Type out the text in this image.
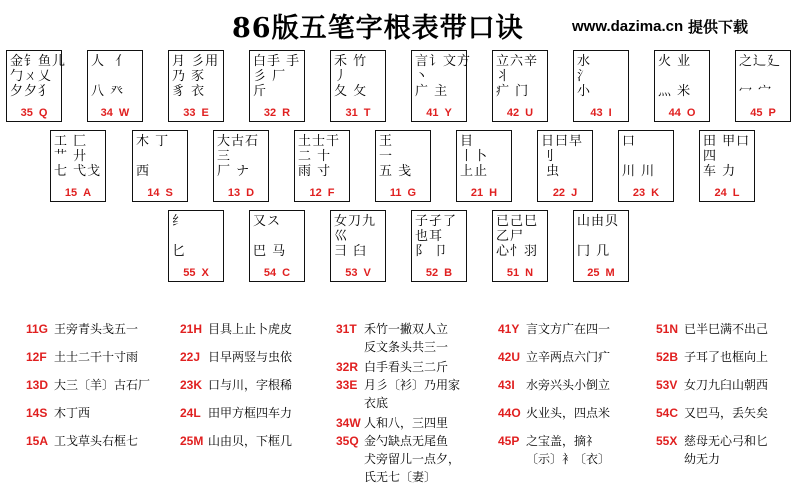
86版五笔字根表带口诀	www.dazima.cn 提供下载
金钅鱼儿
勹ㄨ乂
夕夕犭
35 Q
人  亻

八 癶
34 W
月 彡用
乃 豕
豸 衣
33 E
白手 手
彡 厂
斤
32 R
禾 竹
丿
夂 攵
31 T
言讠文方
丶
广 主
41 Y
立六辛
丬
疒 门
42 U
水
氵
小
43 I
火 业

灬 米
44 O
之辶廴

冖 宀
45 P
工 匚
艹 廾
七 弋戈
15 A
木 丁

西
14 S
大古石
三
厂 ナ
13 D
土士干
二 十
雨 寸
12 F
王
一
五 戋
11 G
目
丨卜
上止
21 H
日曰早
刂
虫
22 J
口

川 川
23 K
田 甲口
四
车 力
24 L
纟

匕
55 X
又ス

巴 马
54 C
女刀九
巛
彐 臼
53 V
子孑了
也耳
阝 卩
52 B
已己巳
乙尸
心忄羽
51 N
山由贝

冂 几
25 M
11G 王旁青头戋五一
12F 土士二干十寸雨
13D 大三〔羊〕古石厂
14S 木丁西
15A 工戈草头右框七
21H 目具上止卜虎皮
22J 日早两竖与虫依
23K 口与川，字根稀
24L 田甲方框四车力
25M 山由贝，下框几
31T 禾竹一撇双人立
反文条头共三一
32R 白手看头三二斤
33E 月彡〔衫〕乃用家
衣底
34W 人和八，三四里
35Q 金勺缺点无尾鱼
犬旁留儿一点夕，
氏无七〔妻〕
41Y 言文方广在四一
42U 立辛两点六门疒
43I 水旁兴头小倒立
44O 火业头，四点米
45P 之宝盖，摘礻
〔示〕衤〔衣〕
51N 已半巳满不出己
52B 子耳了也框向上
53V 女刀九臼山朝西
54C 又巴马，丢矢矣
55X 慈母无心弓和匕
幼无力
